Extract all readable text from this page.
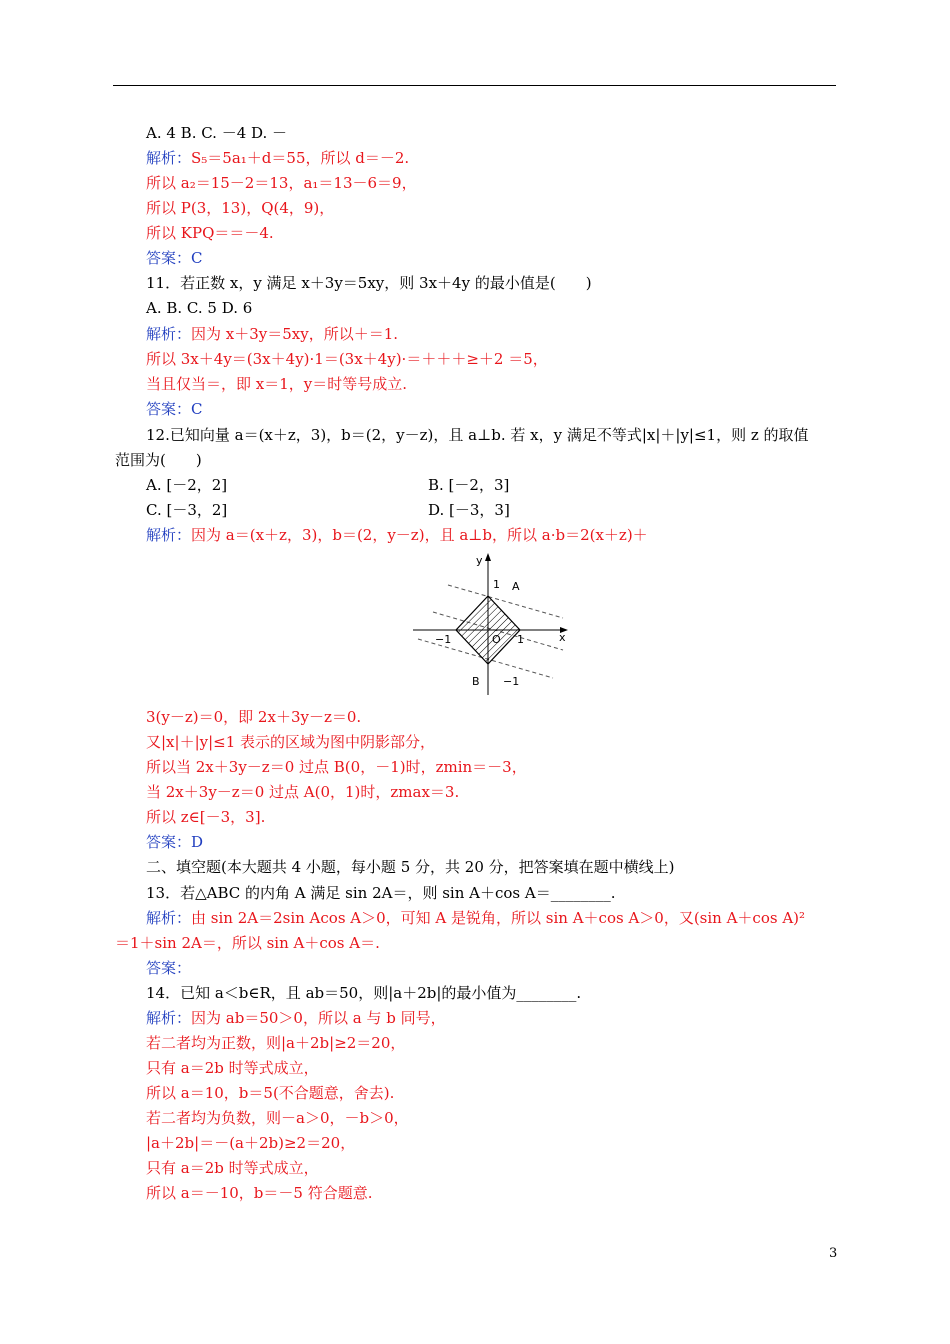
A. 4 B. C. －4 D. －
解析：S₅＝5a₁＋d＝55，所以 d＝－2.
所以 a₂＝15－2＝13，a₁＝13－6＝9，
所以 P(3，13)，Q(4，9)，
所以 KPQ＝＝－4.
答案：C
11．若正数 x，y 满足 x＋3y＝5xy，则 3x＋4y 的最小值是(　　)
A. B. C. 5 D. 6
解析：因为 x＋3y＝5xy，所以＋＝1.
所以 3x＋4y＝(3x＋4y)·1＝(3x＋4y)·＝＋＋＋≥＋2 ＝5，
当且仅当＝，即 x＝1，y＝时等号成立.
答案：C
12.已知向量 a＝(x＋z，3)，b＝(2，y－z)，且 a⊥b. 若 x，y 满足不等式|x|＋|y|≤1，则 z 的取值
范围为(　　)
A. [－2，2]	B. [－2，3]
C. [－3，2]	D. [－3，3]
解析：因为 a＝(x＋z，3)，b＝(2，y－z)，且 a⊥b，所以 a·b＝2(x＋z)＋
y
x
1 A
−1	O 1
B −1
3(y－z)＝0，即 2x＋3y－z＝0.
又|x|＋|y|≤1 表示的区域为图中阴影部分，
所以当 2x＋3y－z＝0 过点 B(0，－1)时，zmin＝－3，
当 2x＋3y－z＝0 过点 A(0，1)时，zmax＝3.
所以 z∈[－3，3].
答案：D
二、填空题(本大题共 4 小题，每小题 5 分，共 20 分，把答案填在题中横线上)
13．若△ABC 的内角 A 满足 sin 2A＝，则 sin A＋cos A＝________.
解析：由 sin 2A＝2sin Acos A＞0，可知 A 是锐角，所以 sin A＋cos A＞0，又(sin A＋cos A)²
＝1＋sin 2A＝，所以 sin A＋cos A＝.
答案：
14．已知 a＜b∈R，且 ab＝50，则|a＋2b|的最小值为________.
解析：因为 ab＝50＞0，所以 a 与 b 同号，
若二者均为正数，则|a＋2b|≥2＝20，
只有 a＝2b 时等式成立，
所以 a＝10，b＝5(不合题意，舍去).
若二者均为负数，则－a＞0，－b＞0，
|a＋2b|＝－(a＋2b)≥2＝20，
只有 a＝2b 时等式成立，
所以 a＝－10，b＝－5 符合题意.
3
